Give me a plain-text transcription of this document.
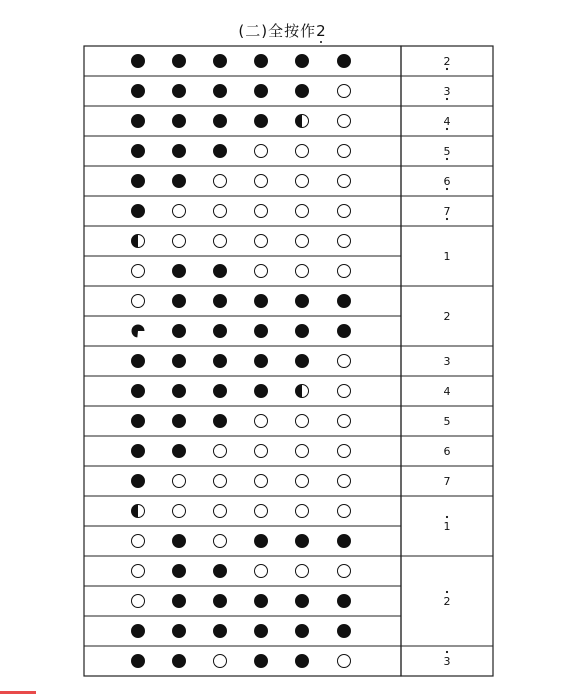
(二)全按作2
2
3
4
5
6
7
1
2
3
4
5
6
7
1
2
3
